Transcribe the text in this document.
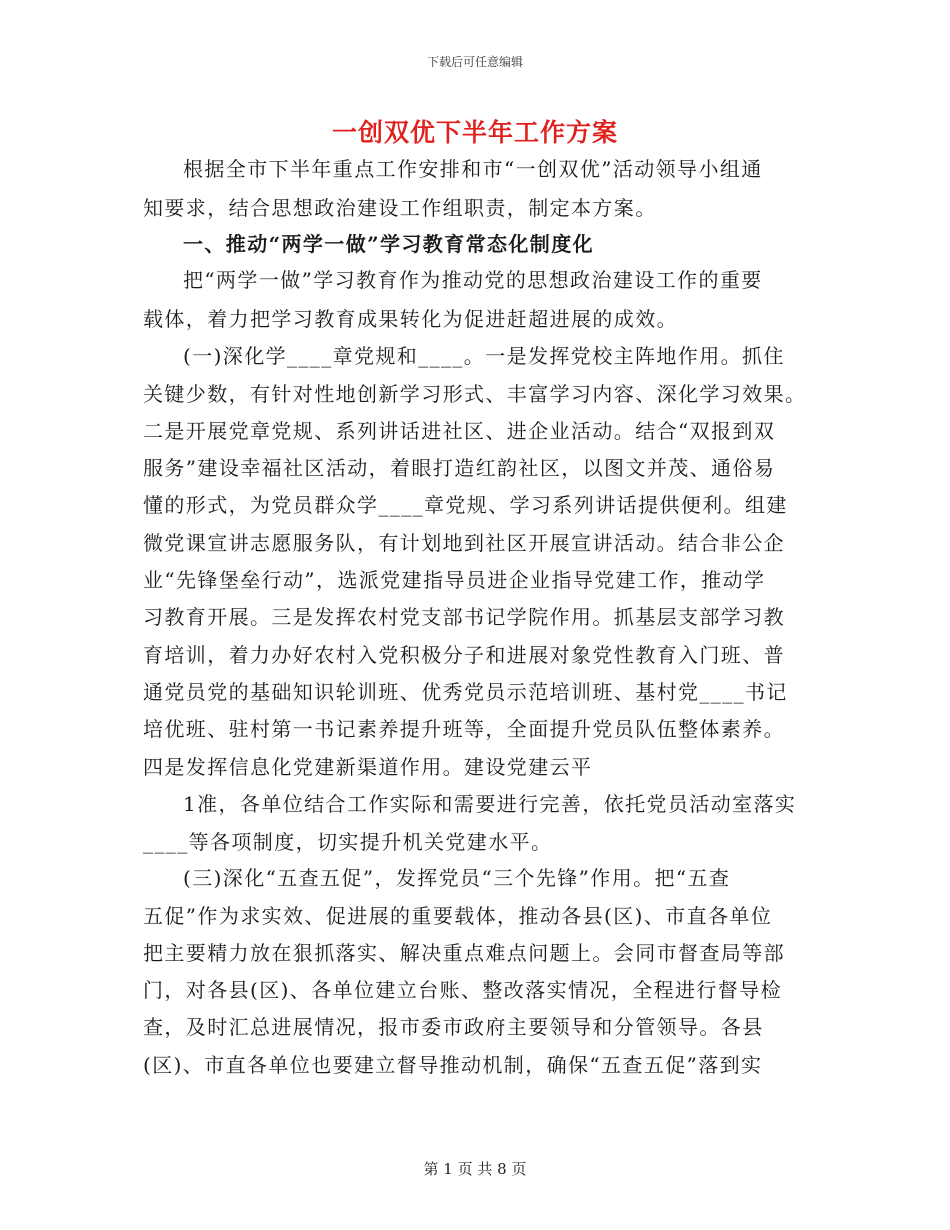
下载后可任意编辑
一创双优下半年工作方案
根据全市下半年重点工作安排和市“一创双优”活动领导小组通
知要求，结合思想政治建设工作组职责，制定本方案。
一、推动“两学一做”学习教育常态化制度化
把“两学一做”学习教育作为推动党的思想政治建设工作的重要
载体，着力把学习教育成果转化为促进赶超进展的成效。
(一)深化学____章党规和____。一是发挥党校主阵地作用。抓住
关键少数，有针对性地创新学习形式、丰富学习内容、深化学习效果。
二是开展党章党规、系列讲话进社区、进企业活动。结合“双报到双
服务”建设幸福社区活动，着眼打造红韵社区，以图文并茂、通俗易
懂的形式，为党员群众学____章党规、学习系列讲话提供便利。组建
微党课宣讲志愿服务队，有计划地到社区开展宣讲活动。结合非公企
业“先锋堡垒行动”，选派党建指导员进企业指导党建工作，推动学
习教育开展。三是发挥农村党支部书记学院作用。抓基层支部学习教
育培训，着力办好农村入党积极分子和进展对象党性教育入门班、普
通党员党的基础知识轮训班、优秀党员示范培训班、基村党____书记
培优班、驻村第一书记素养提升班等，全面提升党员队伍整体素养。
四是发挥信息化党建新渠道作用。建设党建云平
1准，各单位结合工作实际和需要进行完善，依托党员活动室落实
____等各项制度，切实提升机关党建水平。
(三)深化“五查五促”，发挥党员“三个先锋”作用。把“五查
五促”作为求实效、促进展的重要载体，推动各县(区)、市直各单位
把主要精力放在狠抓落实、解决重点难点问题上。会同市督查局等部
门，对各县(区)、各单位建立台账、整改落实情况，全程进行督导检
查，及时汇总进展情况，报市委市政府主要领导和分管领导。各县
(区)、市直各单位也要建立督导推动机制，确保“五查五促”落到实
第 1 页 共 8 页
